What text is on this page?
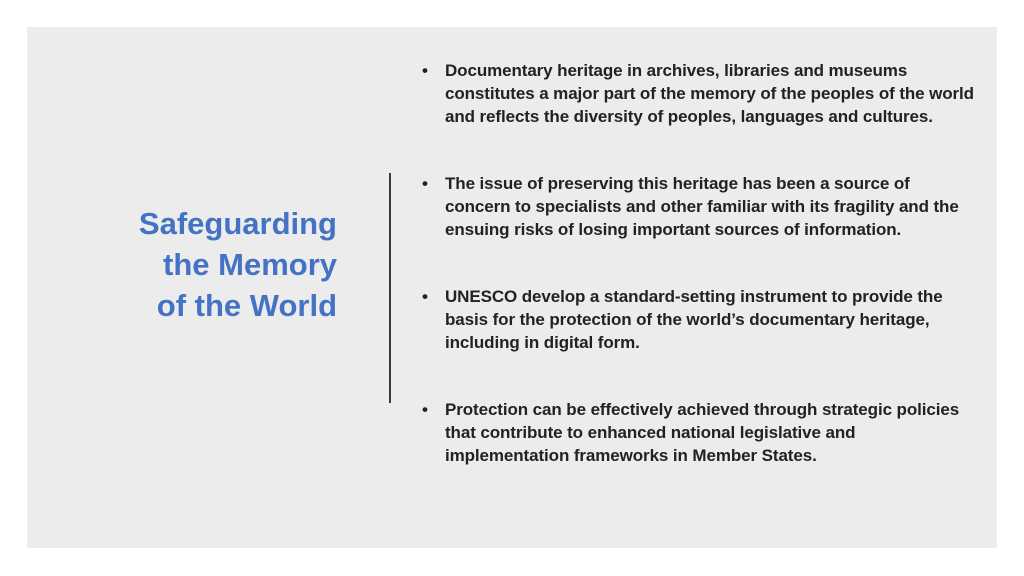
Safeguarding
the Memory
of the World
• Documentary heritage in archives, libraries and museums constitutes a major part of the memory of the peoples of the world and reflects the diversity of peoples, languages and cultures.
• The issue of preserving this heritage has been a source of concern to specialists and other familiar with its fragility and the ensuing risks of losing important sources of information.
• UNESCO develop a standard-setting instrument to provide the basis for the protection of the world’s documentary heritage, including in digital form.
• Protection can be effectively achieved through strategic policies that contribute to enhanced national legislative and implementation frameworks in Member States.
